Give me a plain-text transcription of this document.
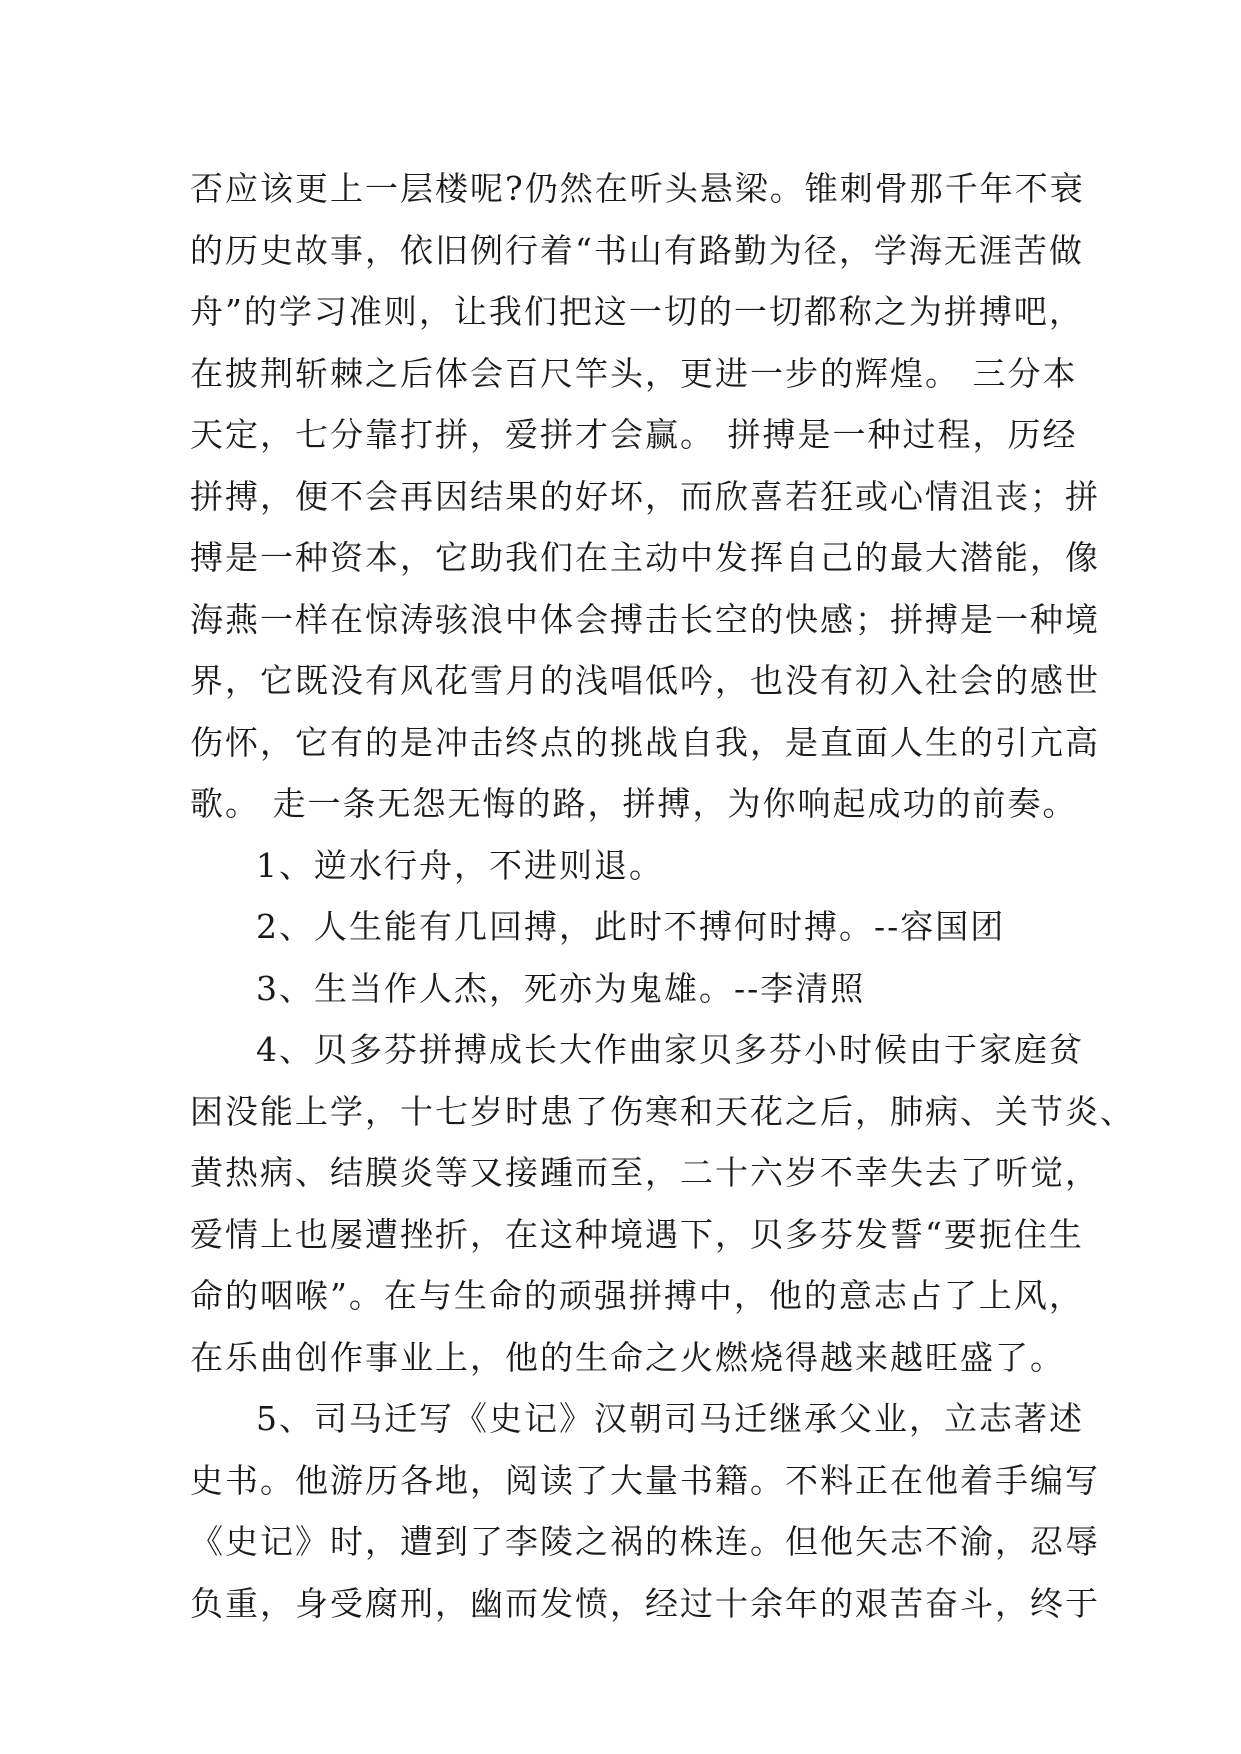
否应该更上一层楼呢?仍然在听头悬梁。锥刺骨那千年不衰
的历史故事，依旧例行着“书山有路勤为径，学海无涯苦做
舟”的学习准则，让我们把这一切的一切都称之为拼搏吧，
在披荆斩棘之后体会百尺竿头，更进一步的辉煌。 三分本
天定，七分靠打拼，爱拼才会赢。 拼搏是一种过程，历经
拼搏，便不会再因结果的好坏，而欣喜若狂或心情沮丧；拼
搏是一种资本，它助我们在主动中发挥自己的最大潜能，像
海燕一样在惊涛骇浪中体会搏击长空的快感；拼搏是一种境
界，它既没有风花雪月的浅唱低吟，也没有初入社会的感世
伤怀，它有的是冲击终点的挑战自我，是直面人生的引亢高
歌。 走一条无怨无悔的路，拼搏，为你响起成功的前奏。
1、逆水行舟，不进则退。
2、人生能有几回搏，此时不搏何时搏。--容国团
3、生当作人杰，死亦为鬼雄。--李清照
4、贝多芬拼搏成长大作曲家贝多芬小时候由于家庭贫
困没能上学，十七岁时患了伤寒和天花之后，肺病、关节炎、
黄热病、结膜炎等又接踵而至，二十六岁不幸失去了听觉，
爱情上也屡遭挫折，在这种境遇下，贝多芬发誓“要扼住生
命的咽喉”。在与生命的顽强拼搏中，他的意志占了上风，
在乐曲创作事业上，他的生命之火燃烧得越来越旺盛了。
5、司马迁写《史记》汉朝司马迁继承父业，立志著述
史书。他游历各地，阅读了大量书籍。不料正在他着手编写
《史记》时，遭到了李陵之祸的株连。但他矢志不渝，忍辱
负重，身受腐刑，幽而发愤，经过十余年的艰苦奋斗，终于
